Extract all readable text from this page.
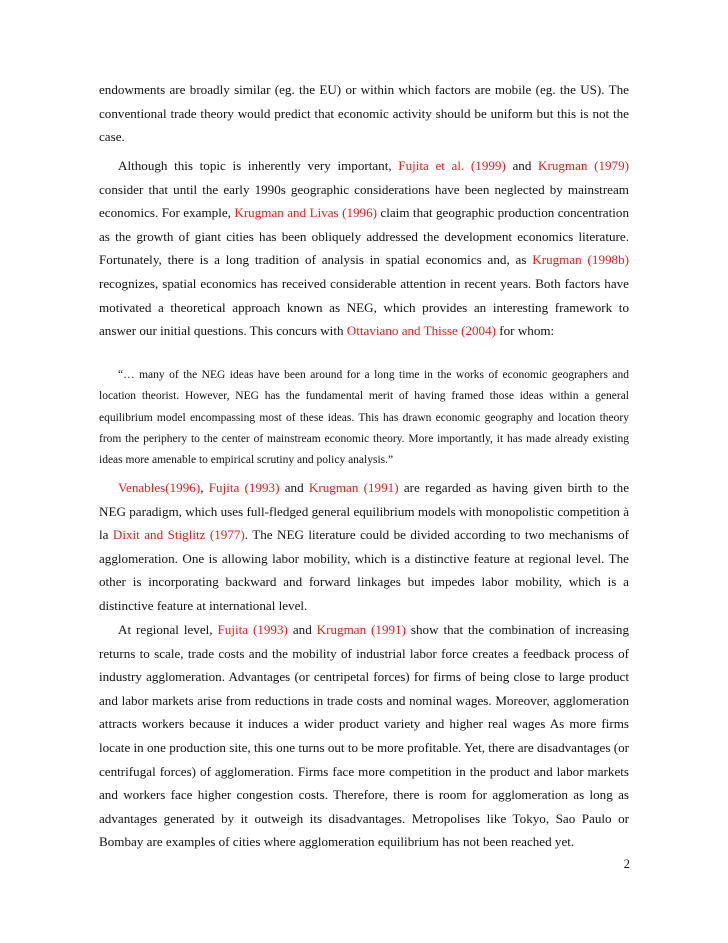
endowments are broadly similar (eg. the EU) or within which factors are mobile (eg. the US). The conventional trade theory would predict that economic activity should be uniform but this is not the case.

Although this topic is inherently very important, Fujita et al. (1999) and Krugman (1979) consider that until the early 1990s geographic considerations have been neglected by mainstream economics. For example, Krugman and Livas (1996) claim that geographic production concentration as the growth of giant cities has been obliquely addressed the development economics literature. Fortunately, there is a long tradition of analysis in spatial economics and, as Krugman (1998b) recognizes, spatial economics has received considerable attention in recent years. Both factors have motivated a theoretical approach known as NEG, which provides an interesting framework to answer our initial questions. This concurs with Ottaviano and Thisse (2004) for whom:

“… many of the NEG ideas have been around for a long time in the works of economic geographers and location theorist. However, NEG has the fundamental merit of having framed those ideas within a general equilibrium model encompassing most of these ideas. This has drawn economic geography and location theory from the periphery to the center of mainstream economic theory. More importantly, it has made already existing ideas more amenable to empirical scrutiny and policy analysis.”

Venables(1996), Fujita (1993) and Krugman (1991) are regarded as having given birth to the NEG paradigm, which uses full-fledged general equilibrium models with monopolistic competition à la Dixit and Stiglitz (1977). The NEG literature could be divided according to two mechanisms of agglomeration. One is allowing labor mobility, which is a distinctive feature at regional level. The other is incorporating backward and forward linkages but impedes labor mobility, which is a distinctive feature at international level.

At regional level, Fujita (1993) and Krugman (1991) show that the combination of increasing returns to scale, trade costs and the mobility of industrial labor force creates a feedback process of industry agglomeration. Advantages (or centripetal forces) for firms of being close to large product and labor markets arise from reductions in trade costs and nominal wages. Moreover, agglomeration attracts workers because it induces a wider product variety and higher real wages As more firms locate in one production site, this one turns out to be more profitable. Yet, there are disadvantages (or centrifugal forces) of agglomeration. Firms face more competition in the product and labor markets and workers face higher congestion costs. Therefore, there is room for agglomeration as long as advantages generated by it outweigh its disadvantages. Metropolises like Tokyo, Sao Paulo or Bombay are examples of cities where agglomeration equilibrium has not been reached yet.

2
